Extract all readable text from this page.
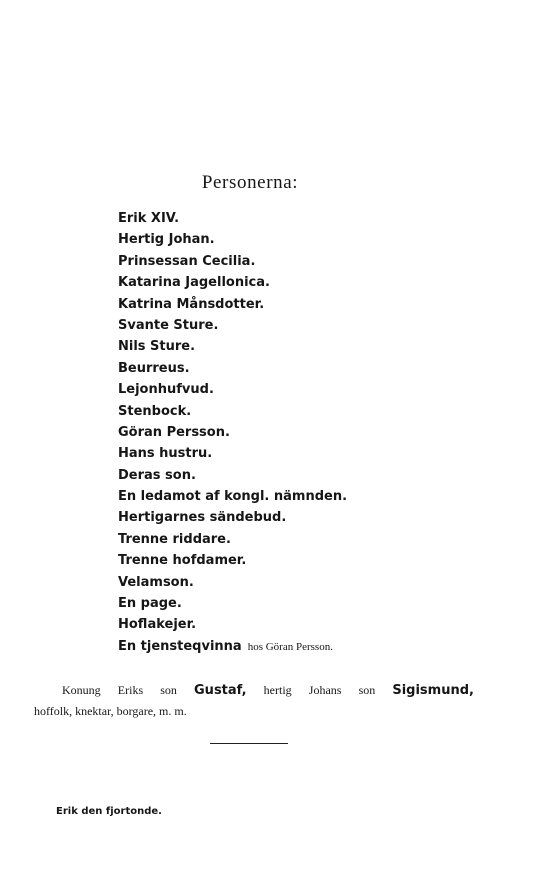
Personerna:
Erik XIV.
Hertig Johan.
Prinsessan Cecilia.
Katarina Jagellonica.
Katrina Månsdotter.
Svante Sture.
Nils Sture.
Beurreus.
Lejonhufvud.
Stenbock.
Göran Persson.
Hans hustru.
Deras son.
En ledamot af kongl. nämnden.
Hertigarnes sändebud.
Trenne riddare.
Trenne hofdamer.
Velamson.
En page.
Hoflakejer.
En tjensteqvinna hos Göran Persson.
Konung Eriks son Gustaf, hertig Johans son Sigismund,
hoffolk, knektar, borgare, m. m.

Erik den fjortonde.
